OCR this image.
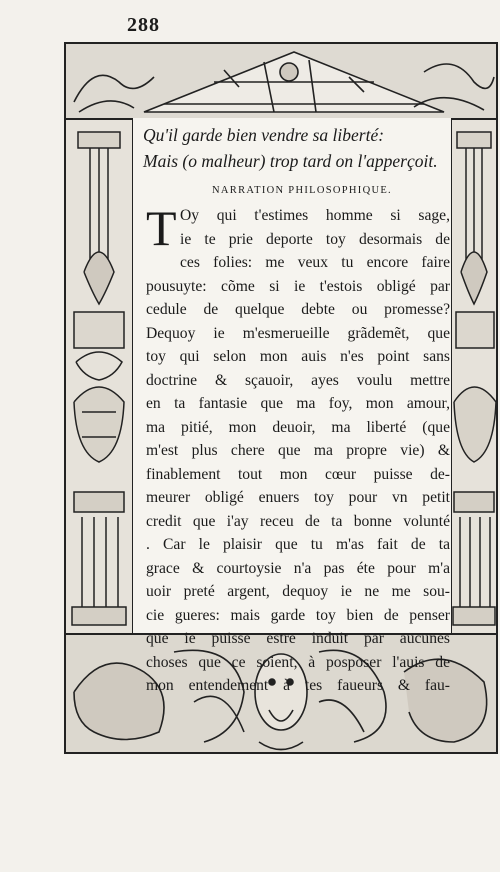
288
Qu'il garde bien vendre sa liberté:
Mais (o malheur) trop tard on l'apperçoit.
NARRATION PHILOSOPHIQUE.
T Oy qui t'estimes homme si sage,
ie te prie deporte toy desormais de
ces folies: me veux tu encore faire
pousuyte: cõme si ie t'estois obligé par
cedule de quelque debte ou promesse?
Dequoy ie m'esmerueille grãdemẽt, que
toy qui selon mon auis n'es point sans
doctrine & sçauoir, ayes voulu mettre
en ta fantasie que ma foy, mon amour,
ma pitié, mon deuoir, ma liberté (que
m'est plus chere que ma propre vie) &
finablement tout mon cœur puisse de-
meurer obligé enuers toy pour vn petit
credit que i'ay receu de ta bonne volunté
. Car le plaisir que tu m'as fait de ta
grace & courtoysie n'a pas éte pour m'a
uoir preté argent, dequoy ie ne me sou-
cie gueres: mais garde toy bien de penser
que ie puisse estre induit par aucunes
choses que ce soient, à posposer l'auis de
mon entendement à tes faueurs & fau-
